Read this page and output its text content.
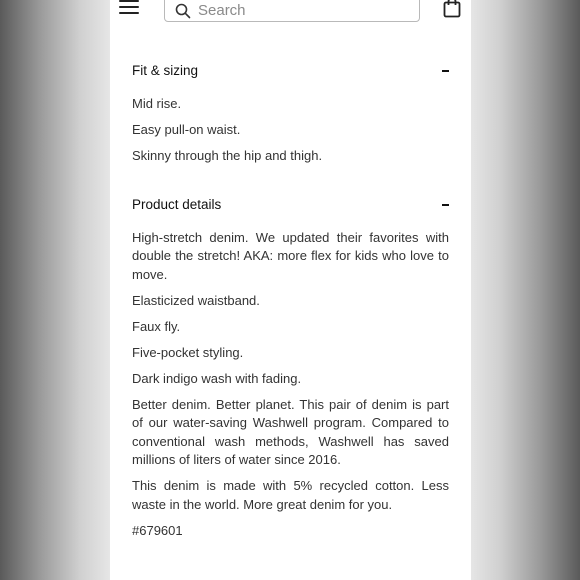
Search
Fit & sizing

Mid rise.

Easy pull-on waist.

Skinny through the hip and thigh.

Product details

High-stretch denim. We updated their favorites with double the stretch! AKA: more flex for kids who love to move.

Elasticized waistband.

Faux fly.

Five-pocket styling.

Dark indigo wash with fading.

Better denim. Better planet. This pair of denim is part of our water-saving Washwell program. Compared to conventional wash methods, Washwell has saved millions of liters of water since 2016.

This denim is made with 5% recycled cotton. Less waste in the world. More great denim for you.

#679601
